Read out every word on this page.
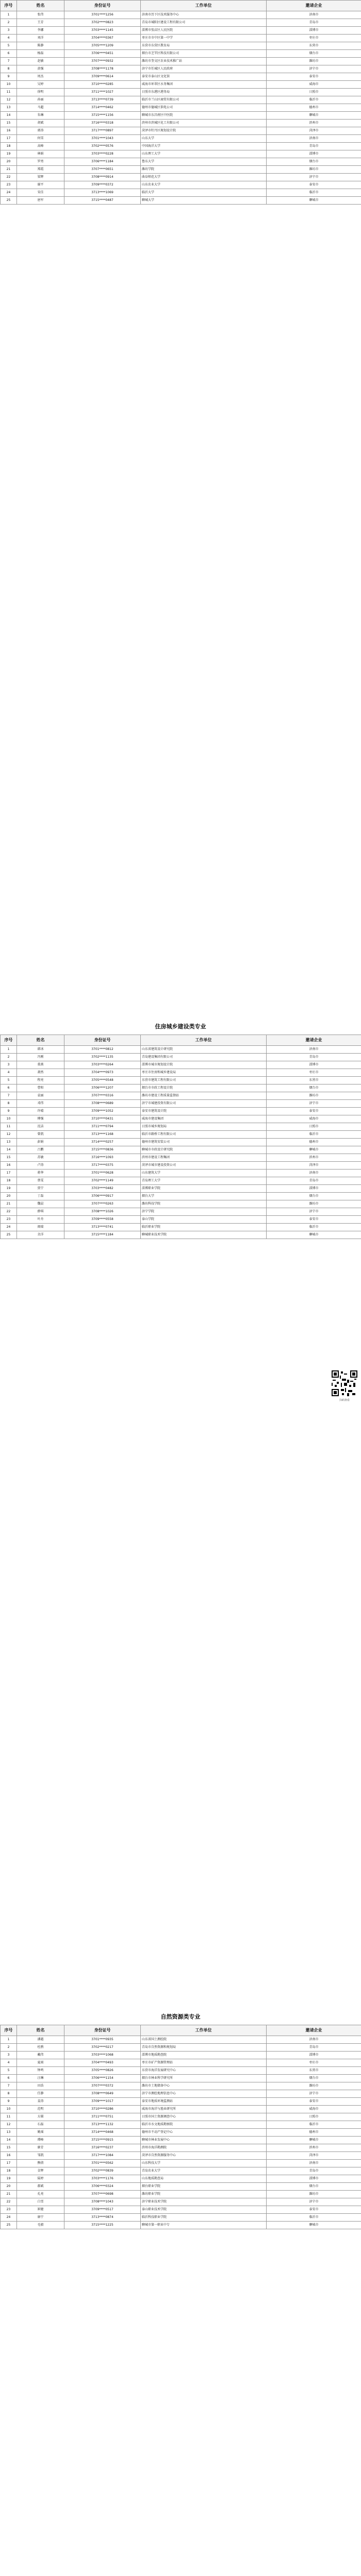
序号	姓名	身份证号	工作单位	邀请企业
1	张伟	3701****1256	济南市历下区技术服务中心	济南市
2	王芳	3702****0823	青岛市城阳区建设工程有限公司	青岛市
3	李娜	3703****1145	淄博市张店区人民医院	淄博市
4	刘洋	3704****0367	枣庄市市中区第一中学	枣庄市
5	陈静	3705****1209	东营市东营区教育局	东营市
6	杨磊	3706****0451	烟台市芝罘区科技有限公司	烟台市
7	赵敏	3707****0932	潍坊市奎文区农业技术推广站	潍坊市
8	黄强	3708****1178	济宁市任城区人民政府	济宁市
9	周杰	3709****0614	泰安市泰山区文化馆	泰安市
10	吴婷	3710****0285	威海市环翠区水务集团	威海市
11	徐明	3711****1027	日照市东港区港务局	日照市
12	孙丽	3713****0739	临沂市兰山区商贸有限公司	临沂市
13	马超	3714****0462	德州市德城区供电公司	德州市
14	朱琳	3715****1156	聊城市东昌府区中医院	聊城市
15	胡斌	3716****0318	滨州市滨城区化工有限公司	滨州市
16	郭涛	3717****0897	菏泽市牡丹区规划设计院	菏泽市
17	何雪	3701****1043	山东大学	济南市
18	高峰	3702****0576	中国海洋大学	青岛市
19	林娟	3703****0228	山东理工大学	淄博市
20	罗勇	3706****1184	鲁东大学	烟台市
21	郑霞	3707****0651	潍坊学院	潍坊市
22	梁辉	3708****0914	曲阜师范大学	济宁市
23	谢平	3709****0372	山东农业大学	泰安市
24	宋佳	3713****1069	临沂大学	临沂市
25	唐军	3715****0487	聊城大学	聊城市
住房城乡建设类专业
序号	姓名	身份证号	工作单位	邀请企业
1	韩冰	3701****0812	山东省建筑设计研究院	济南市
2	冯刚	3702****1135	青岛建设集团有限公司	青岛市
3	董燕	3703****0264	淄博市城市规划设计院	淄博市
4	萧然	3704****0973	枣庄市住房和城乡建设局	枣庄市
5	程亮	3705****0548	东营市建筑工程有限公司	东营市
6	曹阳	3706****1207	烟台市市政工程设计院	烟台市
7	袁丽	3707****0316	潍坊市建设工程质量监督站	潍坊市
8	邓伟	3708****0689	济宁市城建投资有限公司	济宁市
9	许晴	3709****1052	泰安市建筑设计院	泰安市
10	傅强	3710****0431	威海市建设集团	威海市
11	沈洁	3711****0794	日照市城乡规划局	日照市
12	曾凯	3713****1168	临沂市路桥工程有限公司	临沂市
13	彭娟	3714****0257	德州市建筑安装公司	德州市
14	吕鹏	3715****0836	聊城市市政设计研究院	聊城市
15	苏敏	3716****1093	滨州市建设工程集团	滨州市
16	卢涛	3717****0375	菏泽市城市建设投资公司	菏泽市
17	蒋华	3701****0628	山东建筑大学	济南市
18	蔡雯	3702****1149	青岛理工大学	青岛市
19	贾宁	3703****0482	淄博职业学院	淄博市
20	丁磊	3706****0917	烟台大学	烟台市
21	魏晨	3707****0263	潍坊科技学院	潍坊市
22	薛琪	3708****1026	济宁学院	济宁市
23	叶舟	3709****0558	泰山学院	泰安市
24	阎瑞	3713****0741	临沂职业学院	临沂市
25	余洋	3715****1184	聊城职业技术学院	聊城市
自然资源类专业
序号	姓名	身份证号	工作单位	邀请企业
1	潘越	3701****0935	山东省国土测绘院	济南市
2	杜鹃	3702****0217	青岛市自然资源和规划局	青岛市
3	戴伟	3703****1068	淄博市地质勘查院	淄博市
4	夏雨	3704****0493	枣庄市矿产资源管理站	枣庄市
5	钟鸣	3705****0826	东营市海洋发展研究中心	东营市
6	汪琳	3706****1154	烟台市林业科学研究所	烟台市
7	田浩	3707****0372	潍坊市土地储备中心	潍坊市
8	任静	3708****0649	济宁市测绘地理信息中心	济宁市
9	姜涛	3709****1017	泰安市地质环境监测站	泰安市
10	范明	3710****0286	威海市海洋与渔业研究所	威海市
11	方圆	3711****0751	日照市国土资源调查中心	日照市
12	石磊	3713****1132	临沂市水文地质勘察院	临沂市
13	姚瑶	3714****0468	德州市不动产登记中心	德州市
14	谭峰	3715****0915	聊城市林业发展中心	聊城市
15	廖芳	3716****0237	滨州市海洋勘测院	滨州市
16	邹凯	3717****1084	菏泽市自然资源服务中心	菏泽市
17	熊倩	3701****0562	山东科技大学	济南市
18	金辉	3702****0839	青岛农业大学	青岛市
19	陆婷	3703****1176	山东地质勘查局	淄博市
20	郝斌	3706****0324	烟台职业学院	烟台市
21	孔亮	3707****0698	潍坊职业学院	潍坊市
22	白雪	3708****1043	济宁职业技术学院	济宁市
23	崔健	3709****0517	泰山职业技术学院	泰安市
24	康宁	3713****0874	临沂科技职业学院	临沂市
25	毛毅	3715****1225	聊城市第一职业中专	聊城市

扫码查看
